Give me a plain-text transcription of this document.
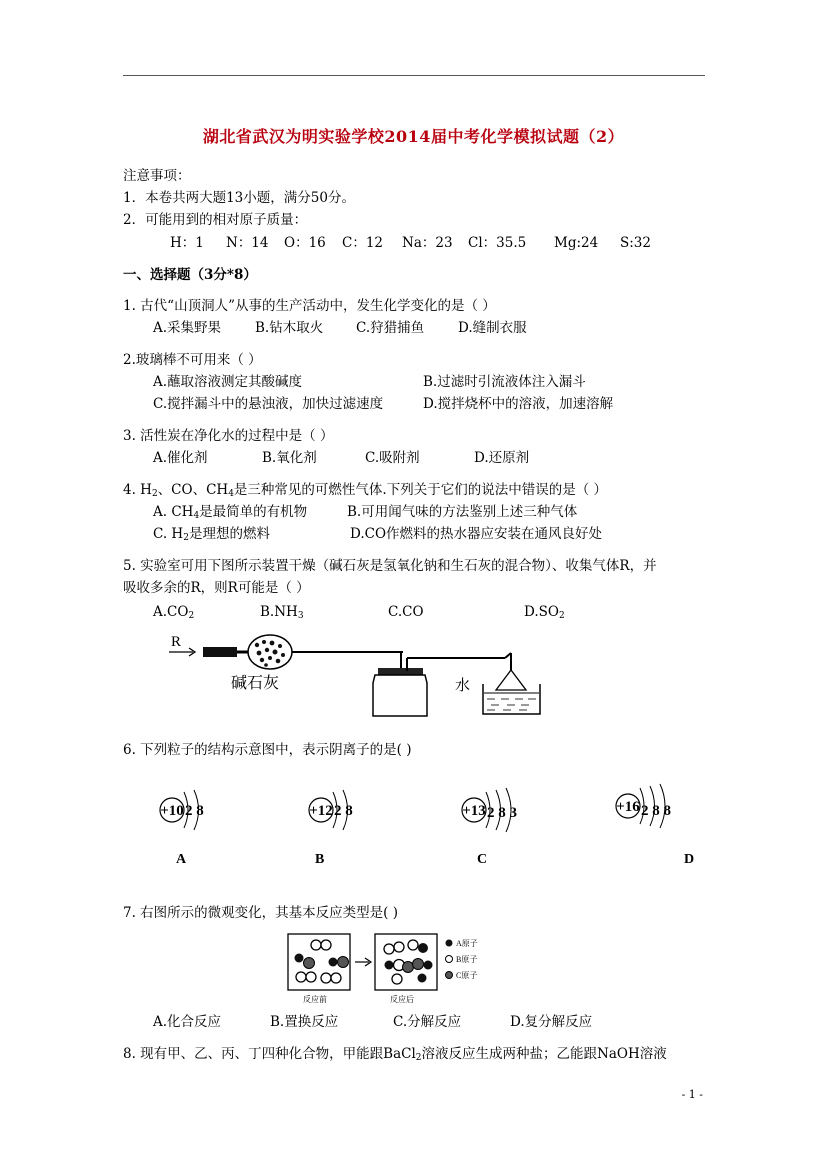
湖北省武汉为明实验学校2014届中考化学模拟试题（2）
注意事项：
1．本卷共两大题13小题，满分50分。
2．可能用到的相对原子质量：
H：1 N：14 O：16 C：12 Na：23 Cl：35.5 Mg:24 S:32
一、选择题（3分*8）
1. 古代“山顶洞人”从事的生产活动中，发生化学变化的是（ ）
A.采集野果	B.钻木取火 C.狩猎捕鱼	D.缝制衣服
2.玻璃棒不可用来（ ）
A.蘸取溶液测定其酸碱度	B.过滤时引流液体注入漏斗
C.搅拌漏斗中的悬浊液，加快过滤速度	D.搅拌烧杯中的溶液，加速溶解
3. 活性炭在净化水的过程中是（ ）
A.催化剂	B.氧化剂	C.吸附剂	D.还原剂
4. $H_2$、CO、$CH_4$是三种常见的可燃性气体.下列关于它们的说法中错误的是（ ）
A. $CH_4$是最简单的有机物	B.可用闻气味的方法鉴别上述三种气体
C. $H_2$是理想的燃料	D.CO作燃料的热水器应安装在通风良好处
5. 实验室可用下图所示装置干燥（碱石灰是氢氧化钠和生石灰的混合物）、收集气体R，并
吸收多余的R，则R可能是（ ）
$A.CO_2$	$B.NH_3$	C.CO	$D.SO_2$
R
碱石灰	水
6. 下列粒子的结构示意图中，表示阴离子的是( )
+10 2 8	+12 2 8	+13 2 8 3	+16 2 8 8
A	B	C	D
7. 右图所示的微观变化，其基本反应类型是( )
A原子
B原子
C原子
反应前	反应后
A.化合反应	B.置换反应	C.分解反应	D.复分解反应
8. 现有甲、乙、丙、丁四种化合物，甲能跟BaCl$_2$溶液反应生成两种盐；乙能跟NaOH溶液
- 1 -
